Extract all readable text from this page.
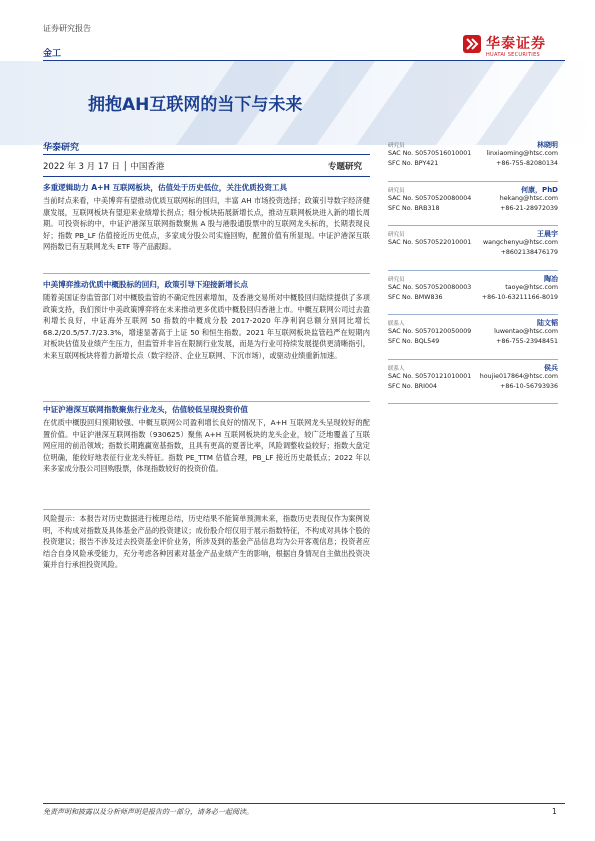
证券研究报告
金工
华泰证券
HUATAI SECURITIES
拥抱AH互联网的当下与未来
华泰研究
2022 年 3 月 17 日 │ 中国香港	专题研究
多重逻辑助力 A+H 互联网板块，估值处于历史低位，关注优质投资工具

当前时点来看，中美博弈有望推动优质互联网标的回归，丰富 AH 市场投资选择；政策引导数字经济健康发展，互联网板块有望迎来业绩增长拐点；细分板块拓展新增长点，推动互联网板块进入新的增长周期。可投资标的中，中证沪港深互联网指数聚焦 A 股与港股通股票中的互联网龙头标的，长期表现良好；指数 PB_LF 估值接近历史低点，多家成分股公司实施回购，配置价值有所显现。中证沪港深互联网指数已有互联网龙头 ETF 等产品跟踪。

中美博弈推动优质中概股标的回归，政策引导下迎接新增长点

随着美国证券监管部门对中概股监管的不确定性因素增加，及香港交易所对中概股回归陆续提供了多项政策支持，我们预计中美政策博弈将在未来推动更多优质中概股回归香港上市。中概互联网公司过去盈利增长良好，中证海外互联网 50 指数的中概成分股 2017-2020 年净利润总额分别同比增长 68.2/20.5/57.7/23.3%，增速显著高于上证 50 和恒生指数。2021 年互联网板块监管趋严在短期内对板块估值及业绩产生压力，但监管并非旨在限制行业发展，而是为行业可持续发展提供更清晰指引，未来互联网板块将着力新增长点（数字经济、企业互联网、下沉市场），或驱动业绩重新加速。

中证沪港深互联网指数聚焦行业龙头，估值较低呈现投资价值

在优质中概股回归预期较强、中概互联网公司盈利增长良好的情况下，A+H 互联网龙头呈现较好的配置价值。中证沪港深互联网指数（930625）聚焦 A+H 互联网板块的龙头企业，较广泛地覆盖了互联网应用的前沿领域；指数长期跑赢宽基指数，且具有更高的夏普比率，风险调整收益较好；指数大盘定位明确，能较好地表征行业龙头特征。指数 PE_TTM 估值合理，PB_LF 接近历史最低点；2022 年以来多家成分股公司回购股票，体现指数较好的投资价值。

风险提示：本报告对历史数据进行梳理总结，历史结果不能简单预测未来，指数历史表现仅作为案例说明，不构成对指数及具体基金产品的投资建议；成份股介绍仅用于展示指数特征，不构成对具体个股的投资建议；报告不涉及过去投资基金评价业务，所涉及到的基金产品信息均为公开客观信息；投资者应结合自身风险承受能力，充分考虑各种因素对基金产品业绩产生的影响，根据自身情况自主做出投资决策并自行承担投资风险。

研究员	林晓明
SAC No. S0570516010001
SFC No. BPY421
linxiaoming@htsc.com
+86-755-82080134
研究员	何康，PhD
SAC No. S0570520080004
SFC No. BRB318
hekang@htsc.com
+86-21-28972039
研究员	王晨宇
SAC No. S0570522010001 wangchenyu@htsc.com
+8602138476179
研究员	陶冶
SAC No. S0570520080003
SFC No. BMW836
taoye@htsc.com
+86-10-63211166-8019
联系人	陆文韬
SAC No. S0570120050009
SFC No. BQL549
luwentao@htsc.com
+86-755-23948451
联系人	侯兵
SAC No. S0570121010001
SFC No. BRI004
houjie017864@htsc.com
+86-10-56793936
免责声明和披露以及分析师声明是报告的一部分，请务必一起阅读。	1
